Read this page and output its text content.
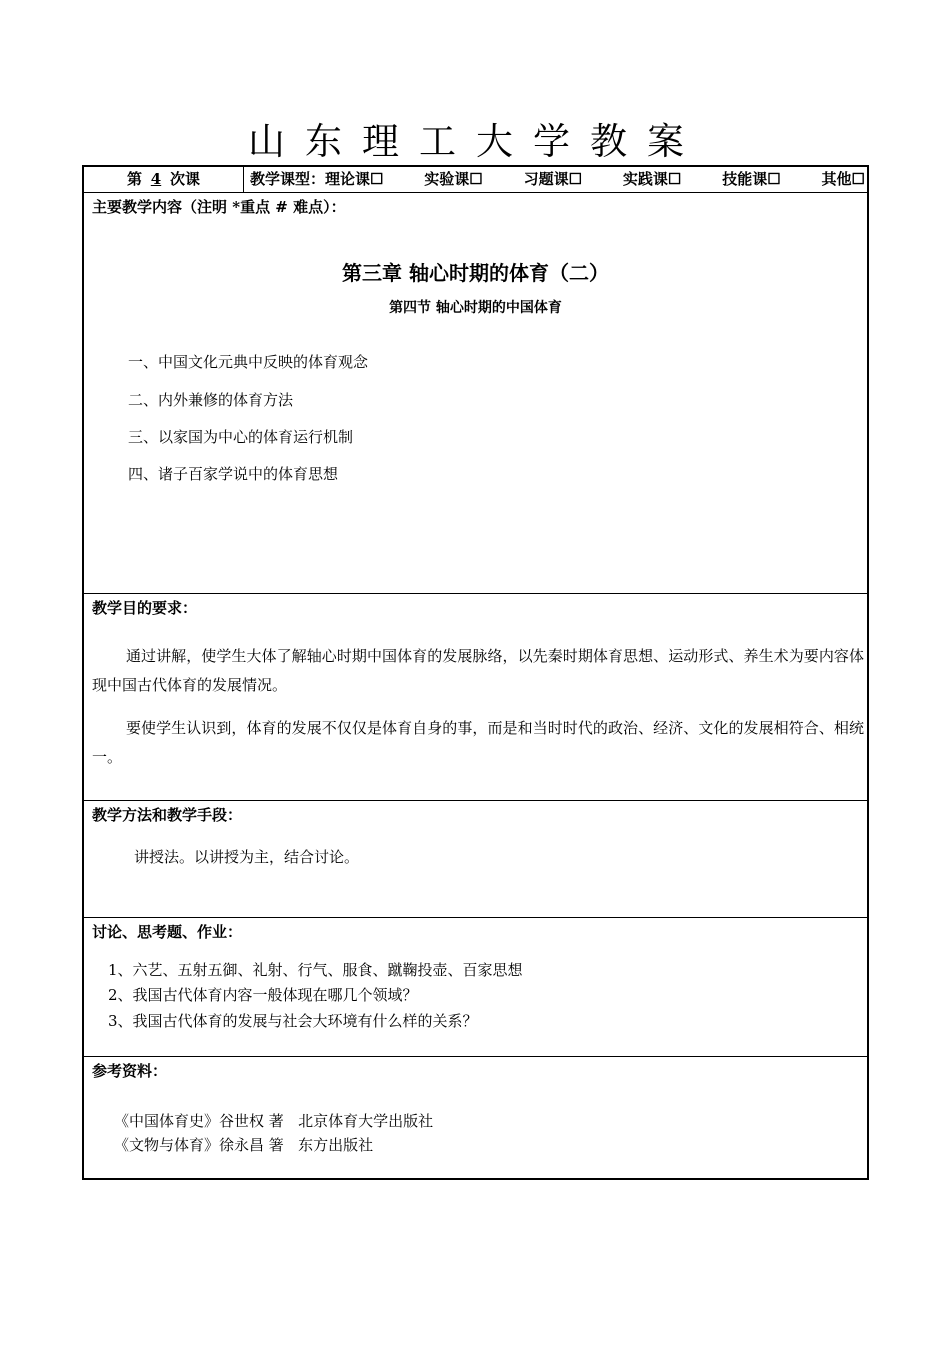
山东理工大学教案
第 4 次课	教学课型：理论课☐	实验课☐	习题课☐	实践课☐	技能课☐	其他☐
主要教学内容（注明 *重点 # 难点）：
第三章 轴心时期的体育（二）
第四节 轴心时期的中国体育
一、中国文化元典中反映的体育观念
二、内外兼修的体育方法
三、以家国为中心的体育运行机制
四、诸子百家学说中的体育思想
教学目的要求：
通过讲解，使学生大体了解轴心时期中国体育的发展脉络，以先秦时期体育思想、运动形式、养生术为要内容体现中国古代体育的发展情况。
要使学生认识到，体育的发展不仅仅是体育自身的事，而是和当时时代的政治、经济、文化的发展相符合、相统一。
教学方法和教学手段：
讲授法。以讲授为主，结合讨论。
讨论、思考题、作业：
1、六艺、五射五御、礼射、行气、服食、蹴鞠投壶、百家思想
2、我国古代体育内容一般体现在哪几个领域？
3、我国古代体育的发展与社会大环境有什么样的关系？
参考资料：
《中国体育史》谷世权 著   北京体育大学出版社
《文物与体育》徐永昌 箸   东方出版社
